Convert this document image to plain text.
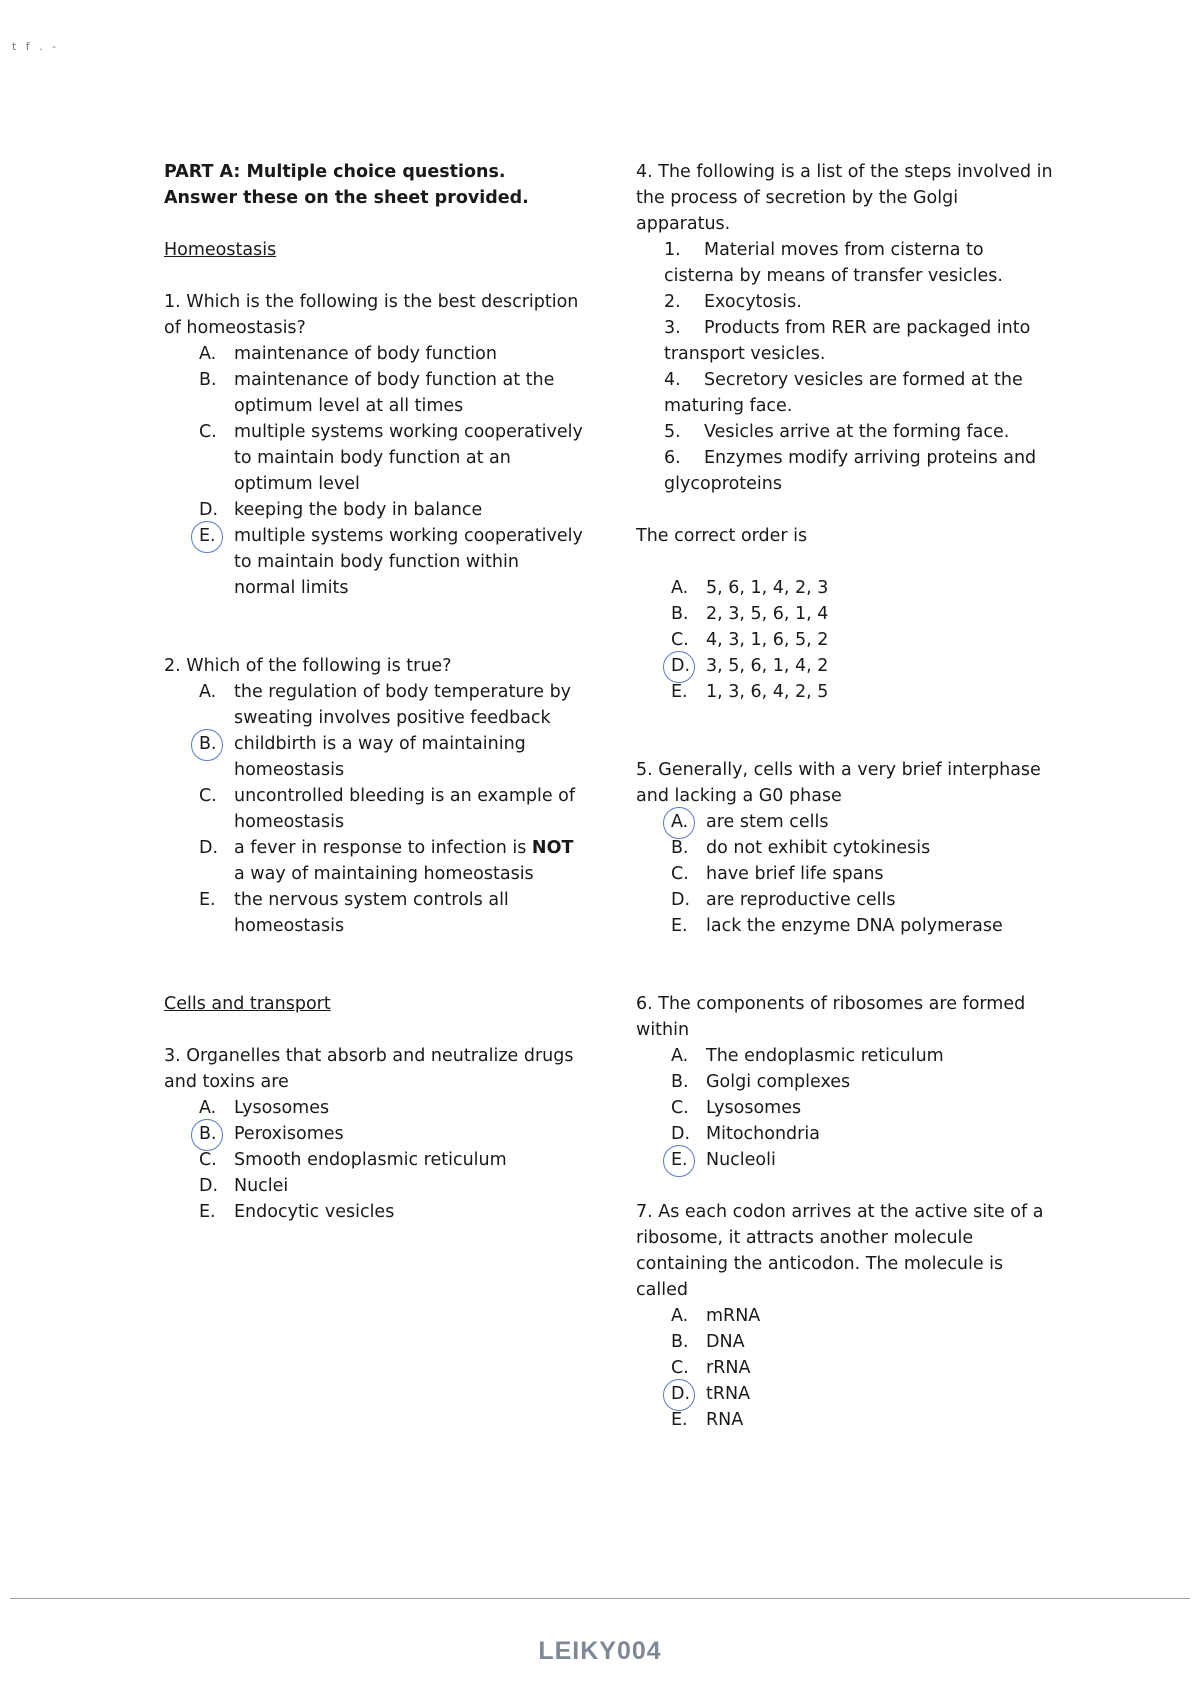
t f . -

PART A: Multiple choice questions. Answer these on the sheet provided.

Homeostasis

1. Which is the following is the best description of homeostasis?

A.	maintenance of body function
B. maintenance of body function at the optimum level at all times
C. multiple systems working cooperatively to maintain body function at an optimum level
D. keeping the body in balance
E.	multiple systems working cooperatively to maintain body function within normal limits

2. Which of the following is true?

A.	the regulation of body temperature by sweating involves positive feedback
B. childbirth is a way of maintaining homeostasis
C. uncontrolled bleeding is an example of homeostasis
D. a fever in response to infection is NOT a way of maintaining homeostasis
E.	the nervous system controls all homeostasis

Cells and transport

3. Organelles that absorb and neutralize drugs and toxins are

A.	Lysosomes
B. Peroxisomes
C. Smooth endoplasmic reticulum
D. Nuclei
E.	Endocytic vesicles

4. The following is a list of the steps involved in the process of secretion by the Golgi apparatus.

1.	Material moves from cisterna to
cisterna by means of transfer vesicles.
2.	Exocytosis.
3.	Products from RER are packaged into
transport vesicles.
4.	Secretory vesicles are formed at the
maturing face.
5.	Vesicles arrive at the forming face.
6.	Enzymes modify arriving proteins and
glycoproteins

The correct order is

A.	5, 6, 1, 4, 2, 3
B. 2, 3, 5, 6, 1, 4
C. 4, 3, 1, 6, 5, 2
D. 3, 5, 6, 1, 4, 2
E.	1, 3, 6, 4, 2, 5

5. Generally, cells with a very brief interphase and lacking a G0 phase

A.	are stem cells
B. do not exhibit cytokinesis
C. have brief life spans
D. are reproductive cells
E.	lack the enzyme DNA polymerase

6. The components of ribosomes are formed within

A.	The endoplasmic reticulum
B. Golgi complexes
C. Lysosomes
D. Mitochondria
E.	Nucleoli

7. As each codon arrives at the active site of a ribosome, it attracts another molecule containing the anticodon. The molecule is called

A.	mRNA
B. DNA
C. rRNA
D. tRNA
E.	RNA
LEIKY004
